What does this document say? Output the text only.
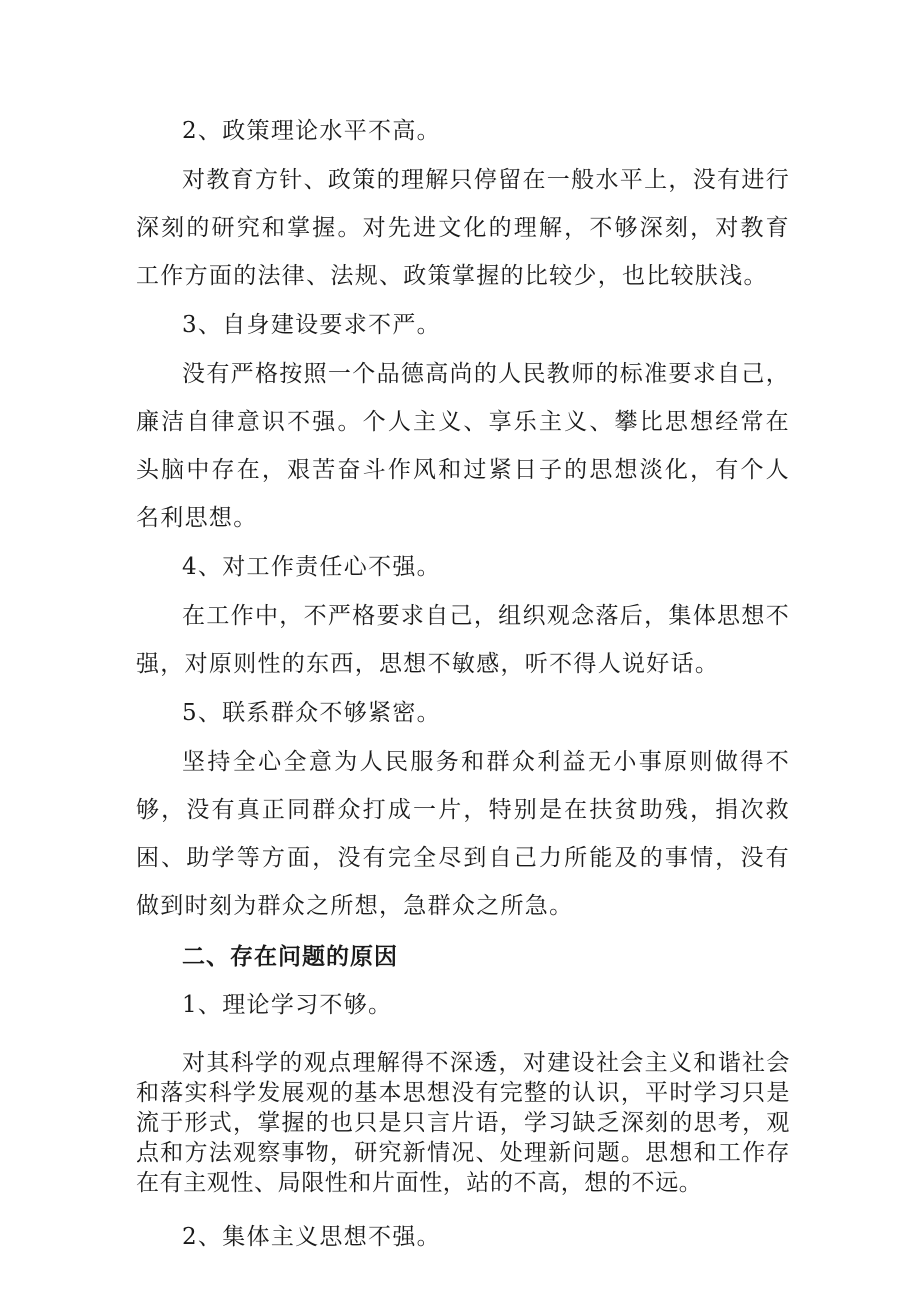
2、政策理论水平不高。

对教育方针、政策的理解只停留在一般水平上，没有进行深刻的研究和掌握。对先进文化的理解，不够深刻，对教育工作方面的法律、法规、政策掌握的比较少，也比较肤浅。

3、自身建设要求不严。

没有严格按照一个品德高尚的人民教师的标准要求自己，廉洁自律意识不强。个人主义、享乐主义、攀比思想经常在头脑中存在，艰苦奋斗作风和过紧日子的思想淡化，有个人名利思想。

4、对工作责任心不强。

在工作中，不严格要求自己，组织观念落后，集体思想不强，对原则性的东西，思想不敏感，听不得人说好话。

5、联系群众不够紧密。

坚持全心全意为人民服务和群众利益无小事原则做得不够，没有真正同群众打成一片，特别是在扶贫助残，捐次救困、助学等方面，没有完全尽到自己力所能及的事情，没有做到时刻为群众之所想，急群众之所急。

二、存在问题的原因

1、理论学习不够。

对其科学的观点理解得不深透，对建设社会主义和谐社会和落实科学发展观的基本思想没有完整的认识，平时学习只是流于形式，掌握的也只是只言片语，学习缺乏深刻的思考，观点和方法观察事物，研究新情况、处理新问题。思想和工作存在有主观性、局限性和片面性，站的不高，想的不远。

2、集体主义思想不强。
